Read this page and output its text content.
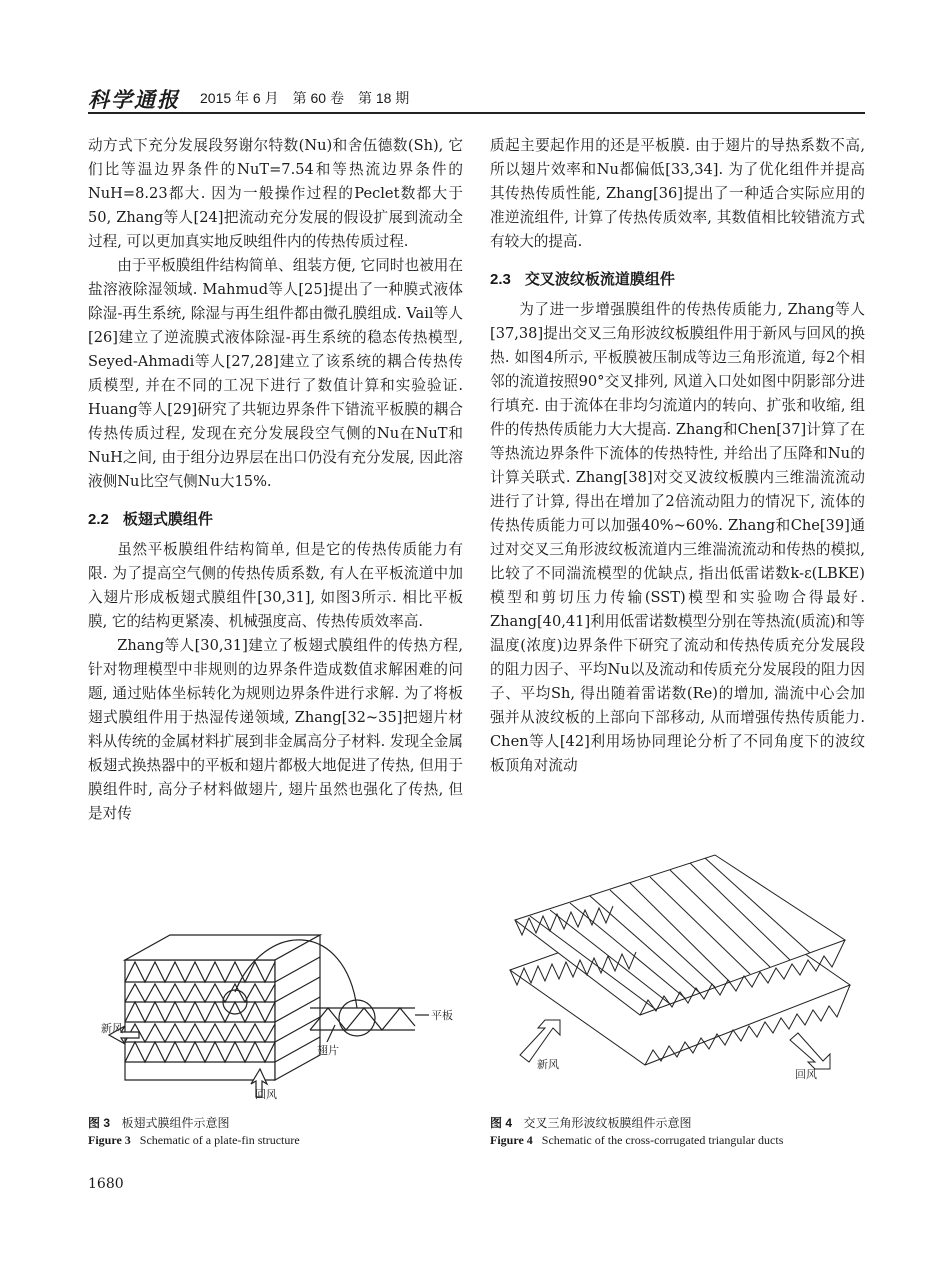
科学通报 2015 年 6 月　第 60 卷　第 18 期

动方式下充分发展段努谢尔特数(Nu)和舍伍德数(Sh), 它们比等温边界条件的NuT=7.54和等热流边界条件的NuH=8.23都大. 因为一般操作过程的Peclet数都大于50, Zhang等人[24]把流动充分发展的假设扩展到流动全过程, 可以更加真实地反映组件内的传热传质过程.

由于平板膜组件结构简单、组装方便, 它同时也被用在盐溶液除湿领域. Mahmud等人[25]提出了一种膜式液体除湿-再生系统, 除湿与再生组件都由微孔膜组成. Vail等人[26]建立了逆流膜式液体除湿-再生系统的稳态传热模型, Seyed-Ahmadi等人[27,28]建立了该系统的耦合传热传质模型, 并在不同的工况下进行了数值计算和实验验证. Huang等人[29]研究了共轭边界条件下错流平板膜的耦合传热传质过程, 发现在充分发展段空气侧的Nu在NuT和NuH之间, 由于组分边界层在出口仍没有充分发展, 因此溶液侧Nu比空气侧Nu大15%.

2.2 板翅式膜组件

虽然平板膜组件结构简单, 但是它的传热传质能力有限. 为了提高空气侧的传热传质系数, 有人在平板流道中加入翅片形成板翅式膜组件[30,31], 如图3所示. 相比平板膜, 它的结构更紧凑、机械强度高、传热传质效率高.

Zhang等人[30,31]建立了板翅式膜组件的传热方程, 针对物理模型中非规则的边界条件造成数值求解困难的问题, 通过贴体坐标转化为规则边界条件进行求解. 为了将板翅式膜组件用于热湿传递领域, Zhang[32~35]把翅片材料从传统的金属材料扩展到非金属高分子材料. 发现全金属板翅式换热器中的平板和翅片都极大地促进了传热, 但用于膜组件时, 高分子材料做翅片, 翅片虽然也强化了传热, 但是对传

质起主要起作用的还是平板膜. 由于翅片的导热系数不高, 所以翅片效率和Nu都偏低[33,34]. 为了优化组件并提高其传热传质性能, Zhang[36]提出了一种适合实际应用的准逆流组件, 计算了传热传质效率, 其数值相比较错流方式有较大的提高.

2.3 交叉波纹板流道膜组件

为了进一步增强膜组件的传热传质能力, Zhang等人[37,38]提出交叉三角形波纹板膜组件用于新风与回风的换热. 如图4所示, 平板膜被压制成等边三角形流道, 每2个相邻的流道按照90°交叉排列, 风道入口处如图中阴影部分进行填充. 由于流体在非均匀流道内的转向、扩张和收缩, 组件的传热传质能力大大提高. Zhang和Chen[37]计算了在等热流边界条件下流体的传热特性, 并给出了压降和Nu的计算关联式. Zhang[38]对交叉波纹板膜内三维湍流流动进行了计算, 得出在增加了2倍流动阻力的情况下, 流体的传热传质能力可以加强40%~60%. Zhang和Che[39]通过对交叉三角形波纹板流道内三维湍流流动和传热的模拟, 比较了不同湍流模型的优缺点, 指出低雷诺数k-ε(LBKE)模型和剪切压力传输(SST)模型和实验吻合得最好. Zhang[40,41]利用低雷诺数模型分别在等热流(质流)和等温度(浓度)边界条件下研究了流动和传热传质充分发展段的阻力因子、平均Nu以及流动和传质充分发展段的阻力因子、平均Sh, 得出随着雷诺数(Re)的增加, 湍流中心会加强并从波纹板的上部向下部移动, 从而增强传热传质能力. Chen等人[42]利用场协同理论分析了不同角度下的波纹板顶角对流动

新风
回风
平板
翅片
图 3 板翅式膜组件示意图
Figure 3 Schematic of a plate-fin structure
新风
回风
图 4 交叉三角形波纹板膜组件示意图
Figure 4 Schematic of the cross-corrugated triangular ducts
1680
